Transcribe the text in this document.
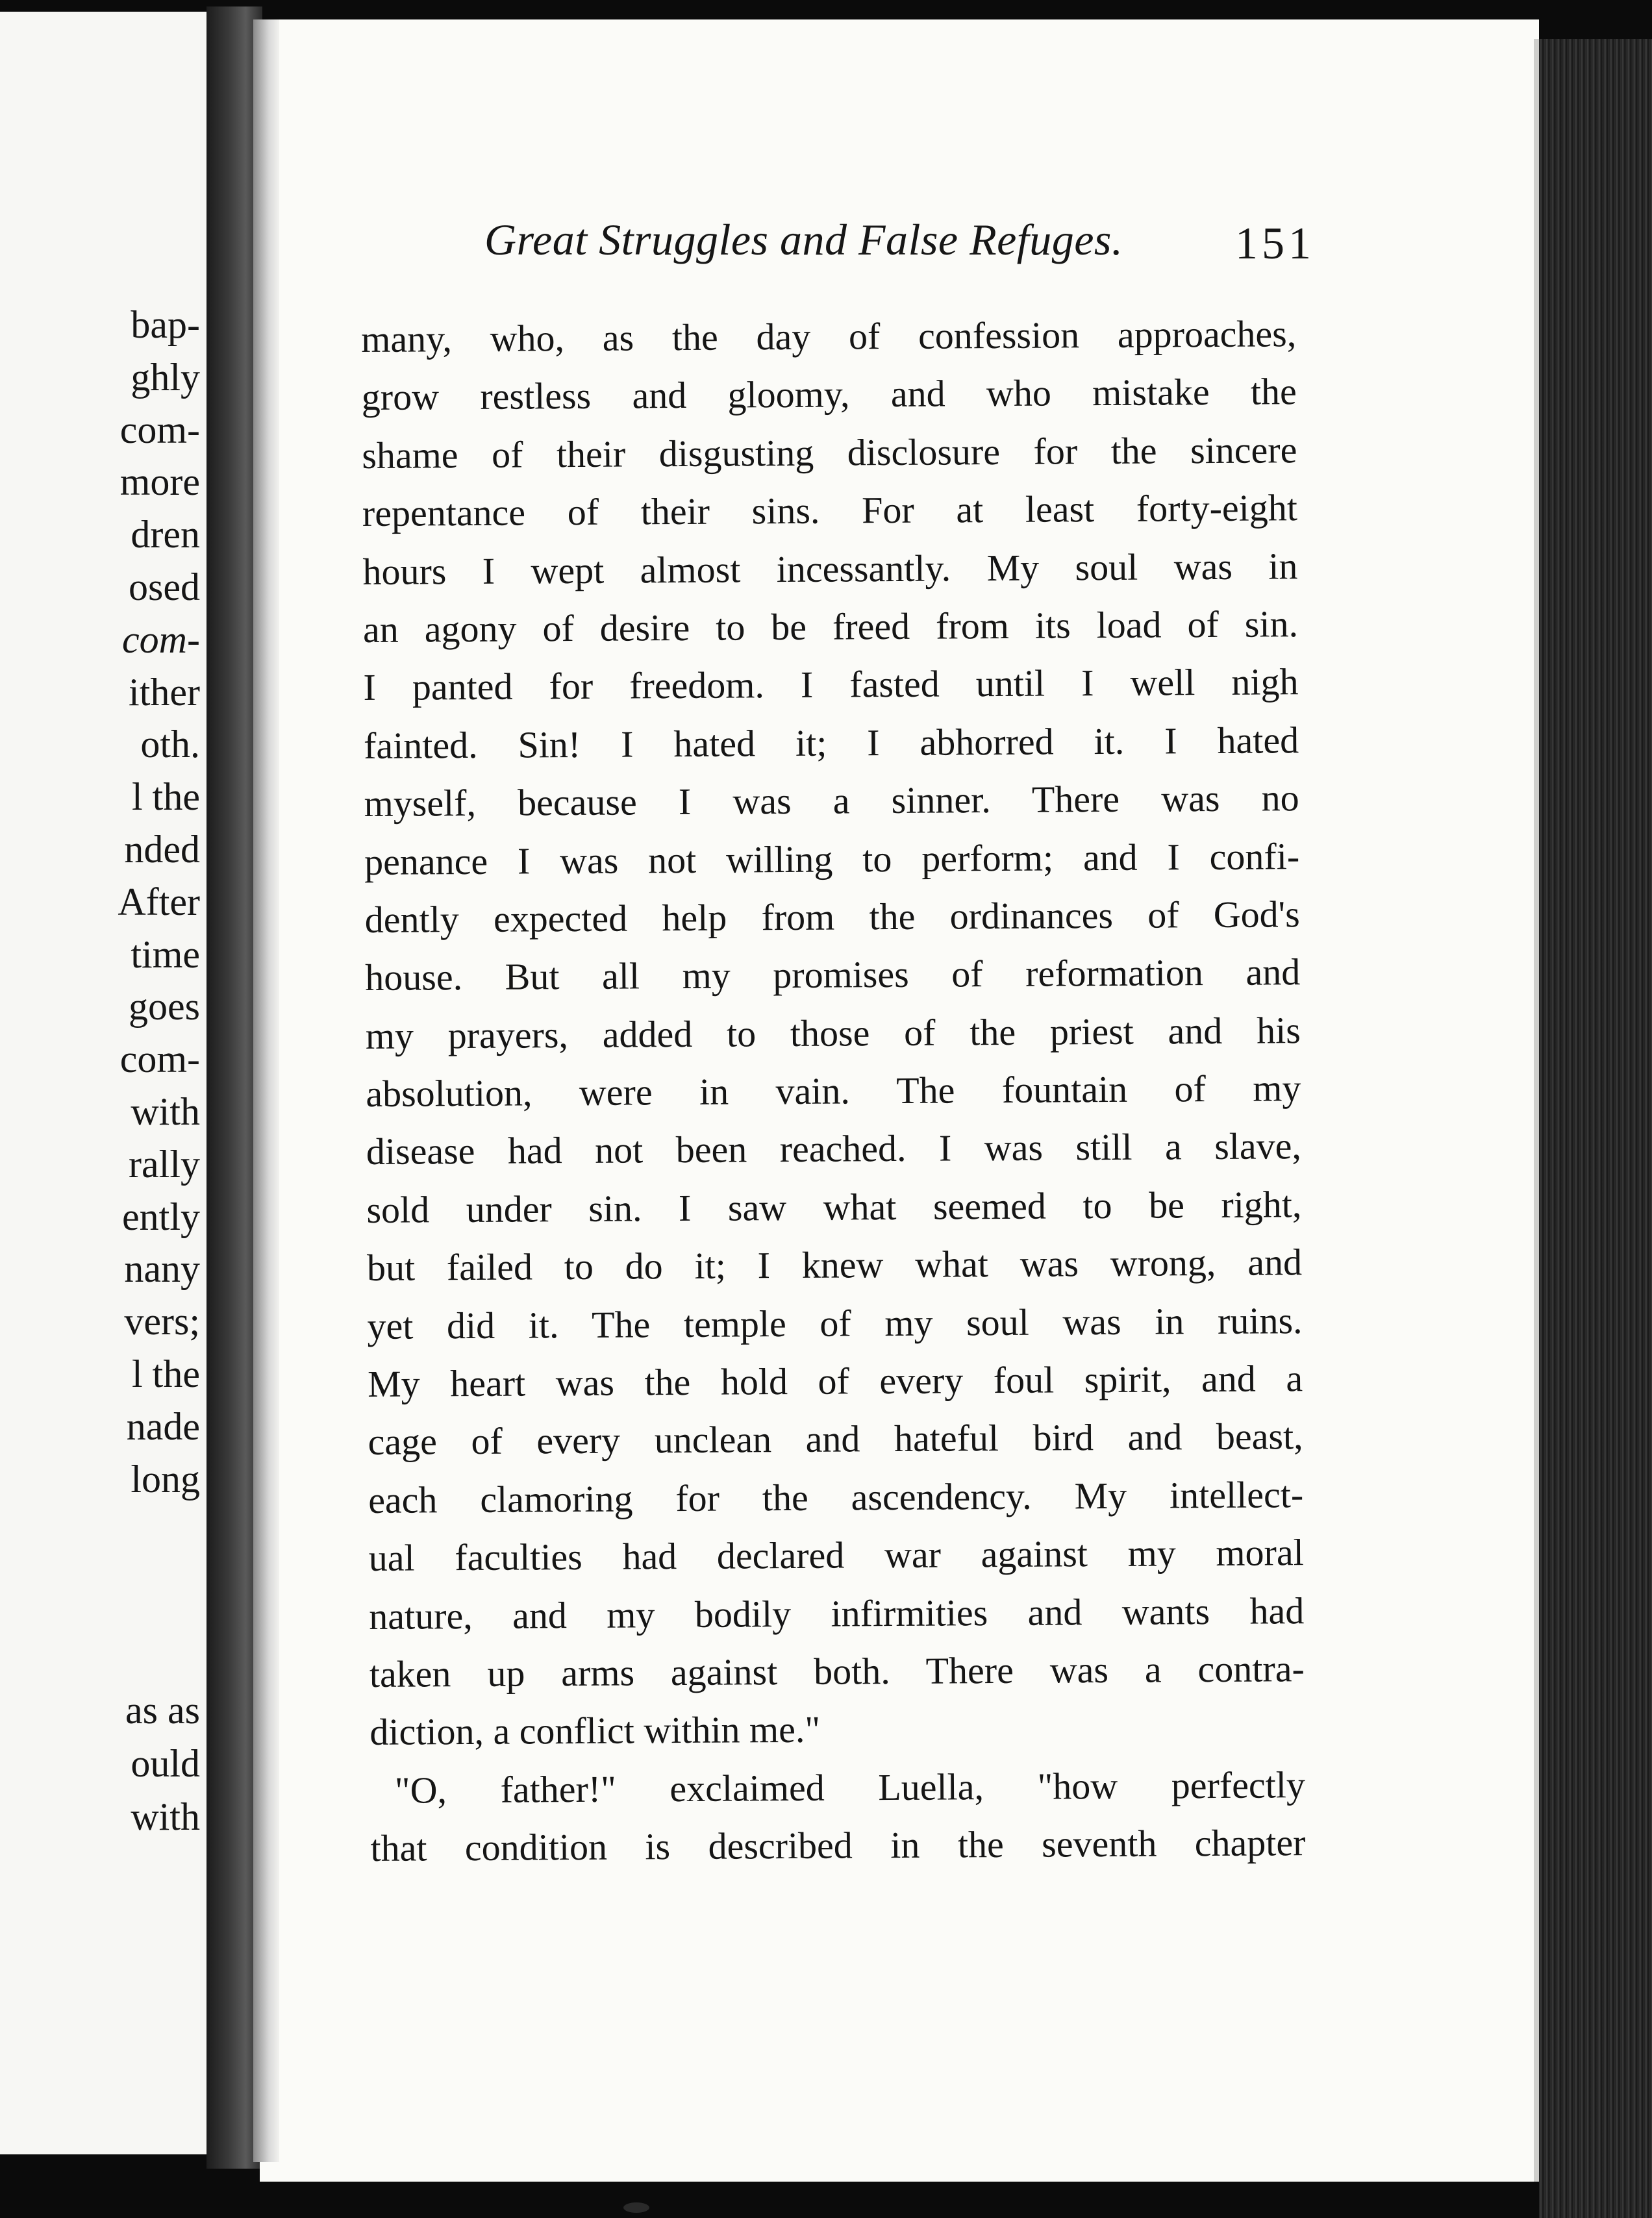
bap-
ghly
com-
more
dren
osed
com-
ither
oth.
l the
nded
After
time
goes
com-
with
rally
ently
nany
vers;
l the
nade
long
as as
ould
with
Great Struggles and False Refuges. 151
many, who, as the day of confession approaches,
grow restless and gloomy, and who mistake the
shame of their disgusting disclosure for the sincere
repentance of their sins. For at least forty-eight
hours I wept almost incessantly. My soul was in
an agony of desire to be freed from its load of sin.
I panted for freedom. I fasted until I well nigh
fainted. Sin! I hated it; I abhorred it. I hated
myself, because I was a sinner. There was no
penance I was not willing to perform; and I confi-
dently expected help from the ordinances of God's
house. But all my promises of reformation and
my prayers, added to those of the priest and his
absolution, were in vain. The fountain of my
disease had not been reached. I was still a slave,
sold under sin. I saw what seemed to be right,
but failed to do it; I knew what was wrong, and
yet did it. The temple of my soul was in ruins.
My heart was the hold of every foul spirit, and a
cage of every unclean and hateful bird and beast,
each clamoring for the ascendency. My intellect-
ual faculties had declared war against my moral
nature, and my bodily infirmities and wants had
taken up arms against both. There was a contra-
diction, a conflict within me."
"O, father!" exclaimed Luella, "how perfectly
that condition is described in the seventh chapter
